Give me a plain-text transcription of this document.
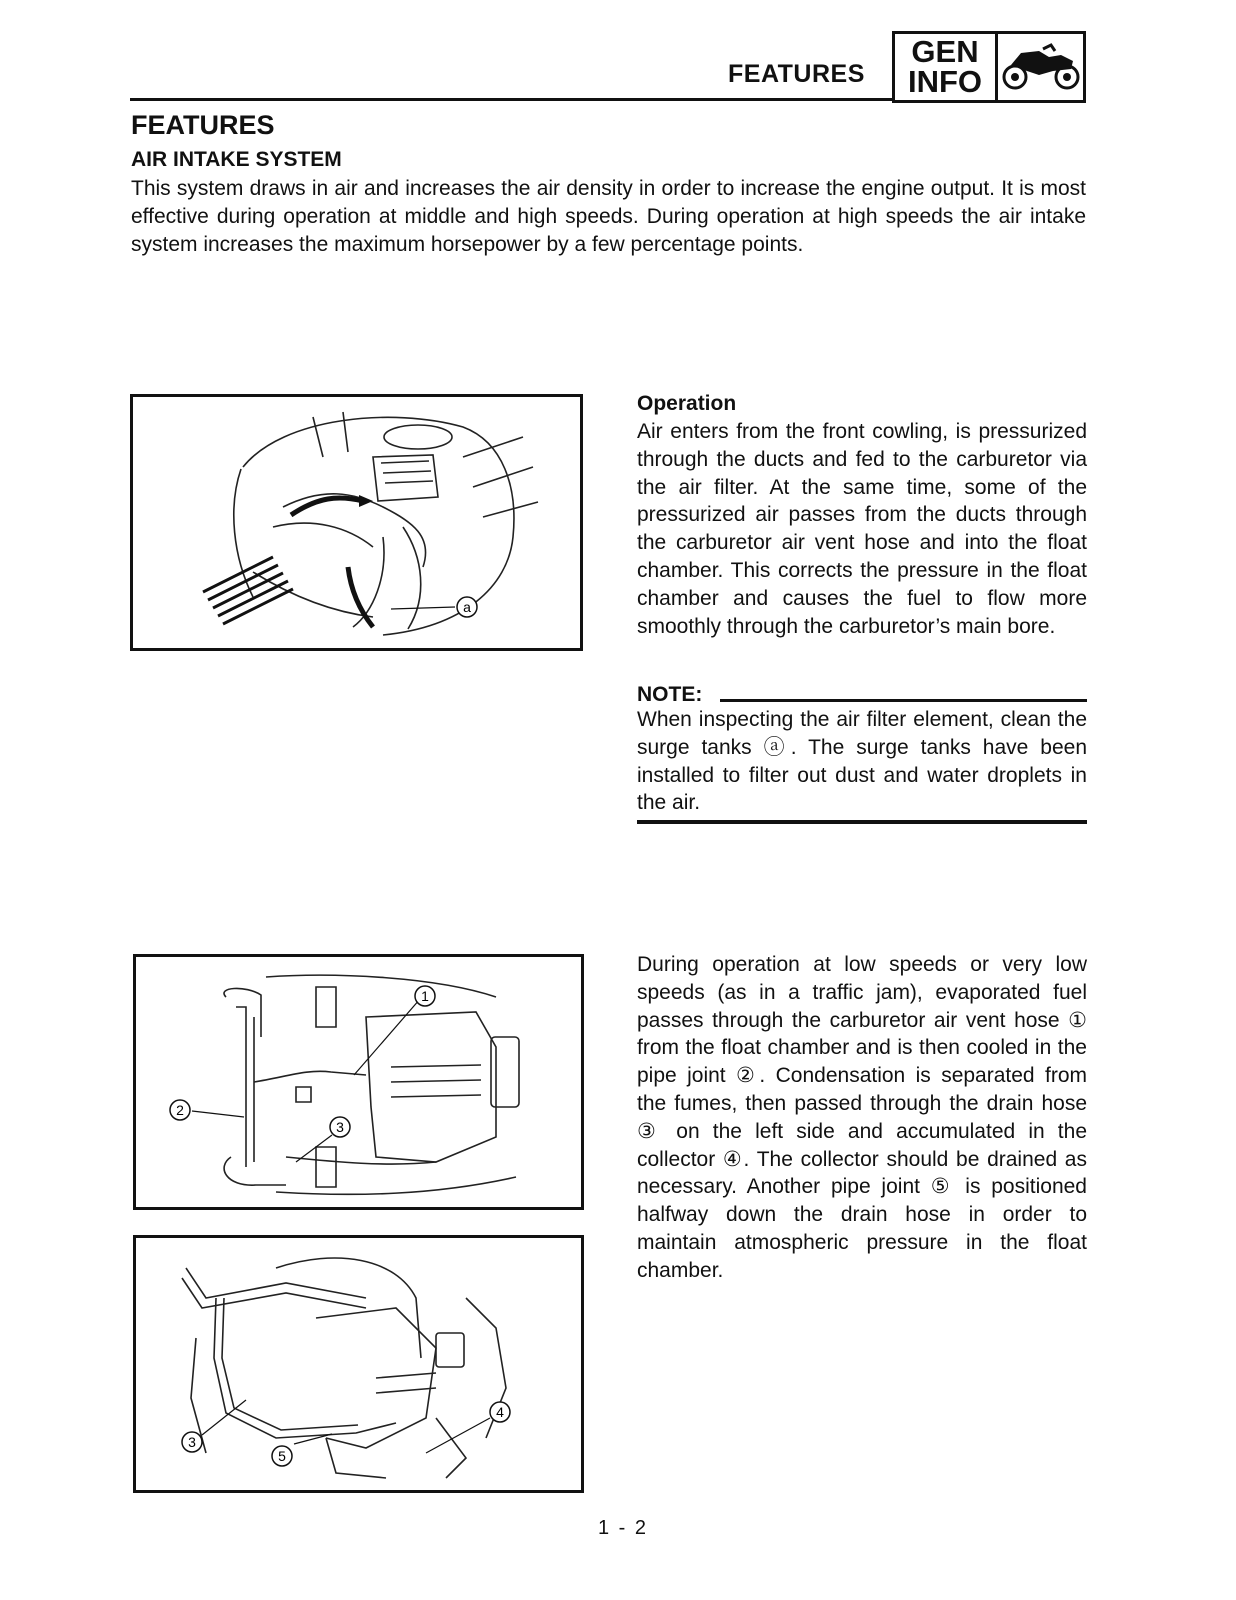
FEATURES
GEN
INFO
FEATURES
AIR INTAKE SYSTEM
This system draws in air and increases the air density in order to increase the engine output. It is most effective during operation at middle and high speeds. During operation at high speeds the air intake system increases the maximum horsepower by a few percentage points.
a
Operation
Air enters from the front cowling, is pressurized through the ducts and fed to the carburetor via the air filter. At the same time, some of the pressurized air passes from the ducts through the carburetor air vent hose and into the float chamber. This corrects the pressure in the float chamber and causes the fuel to flow more smoothly through the carburetor’s main bore.
NOTE:
When inspecting the air filter element, clean the surge tanks ⓐ. The surge tanks have been installed to filter out dust and water droplets in the air.
1
2
3
3
4
5
During operation at low speeds or very low speeds (as in a traffic jam), evaporated fuel passes through the carburetor air vent hose ① from the float chamber and is then cooled in the pipe joint ②. Condensation is separated from the fumes, then passed through the drain hose ③ on the left side and accumulated in the collector ④. The collector should be drained as necessary. Another pipe joint ⑤ is positioned halfway down the drain hose in order to maintain atmospheric pressure in the float chamber.
1 - 2
